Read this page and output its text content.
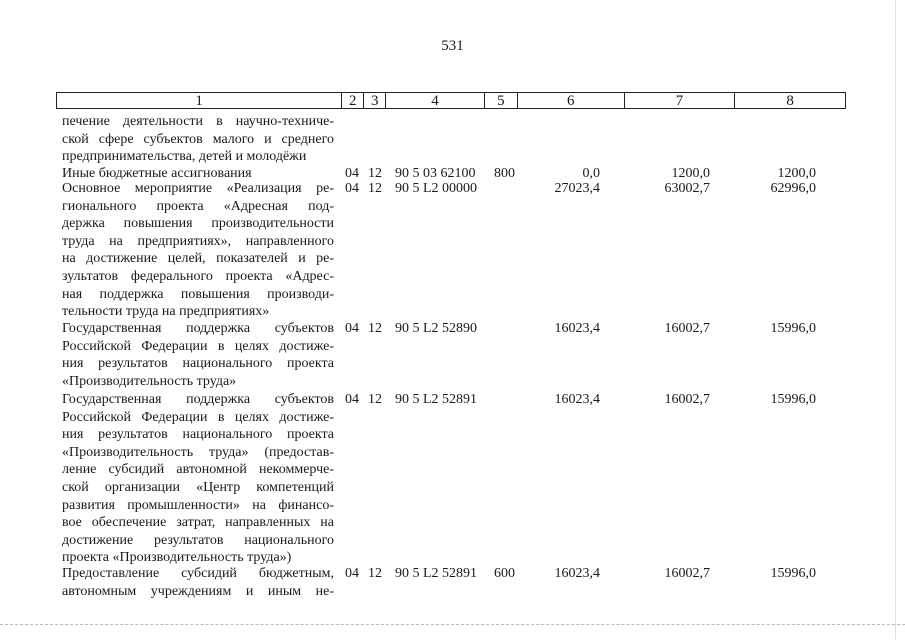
531
1	2 3	4	5	6	7	8
печение деятельности в научно-техниче-
ской сфере субъектов малого и среднего
предпринимательства, детей и молодёжи
Иные бюджетные ассигнования	04 12 90 5 03 62100 800	0,0	1200,0	1200,0
Основное мероприятие «Реализация ре-
гионального проекта «Адресная под-
держка повышения производительности
труда на предприятиях», направленного
на достижение целей, показателей и ре-
зультатов федерального проекта «Адрес-
ная поддержка повышения производи-
тельности труда на предприятиях»
04 12 90 5 L2 00000	27023,4	63002,7	62996,0
Государственная поддержка субъектов
Российской Федерации в целях достиже-
ния результатов национального проекта
«Производительность труда»
04 12 90 5 L2 52890	16023,4	16002,7	15996,0
Государственная поддержка субъектов
Российской Федерации в целях достиже-
ния результатов национального проекта
«Производительность труда» (предостав-
ление субсидий автономной некоммерче-
ской организации «Центр компетенций
развития промышленности» на финансо-
вое обеспечение затрат, направленных на
достижение результатов национального
проекта «Производительность труда»)
04 12 90 5 L2 52891	16023,4	16002,7	15996,0
Предоставление субсидий бюджетным,
автономным учреждениям и иным не-
04 12 90 5 L2 52891 600	16023,4	16002,7	15996,0
